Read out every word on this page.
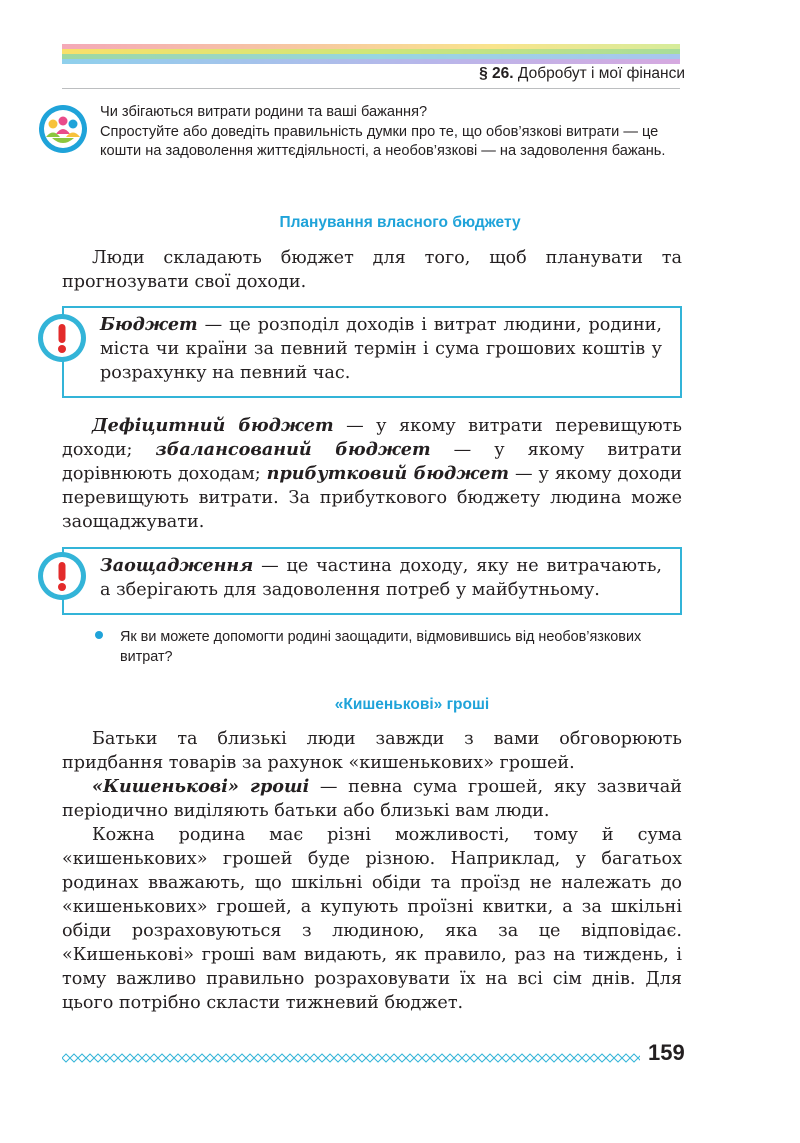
§ 26. Добробут і мої фінанси

Чи збігаються витрати родини та ваші бажання?

Спростуйте або доведіть правильність думки про те, що обов’язкові витрати — це кошти на задоволення життєдіяльності, а необов’язкові — на задоволення бажань.

Планування власного бюджету

Люди складають бюджет для того, щоб планувати та прогнозувати свої доходи.

Бюджет — це розподіл доходів і витрат людини, родини, міста чи країни за певний термін і сума грошових коштів у розрахунку на певний час.

Дефіцитний бюджет — у якому витрати перевищують доходи; збалансований бюджет — у якому витрати дорівнюють доходам; прибутковий бюджет — у якому доходи перевищують витрати. За прибуткового бюджету людина може заощаджувати.

Заощадження — це частина доходу, яку не витрачають, а зберігають для задоволення потреб у майбутньому.

Як ви можете допомогти родині заощадити, відмовившись від необов’язкових витрат?
«Кишенькові» гроші

Батьки та близькі люди завжди з вами обговорюють придбання товарів за рахунок «кишенькових» грошей.

«Кишенькові» гроші — певна сума грошей, яку зазвичай періодично виділяють батьки або близькі вам люди.

Кожна родина має різні можливості, тому й сума «кишенькових» грошей буде різною. Наприклад, у багатьох родинах вважають, що шкільні обіди та проїзд не належать до «кишенькових» грошей, а купують проїзні квитки, а за шкільні обіди розраховуються з людиною, яка за це відповідає. «Кишенькові» гроші вам видають, як правило, раз на тиждень, і тому важливо правильно розраховувати їх на всі сім днів. Для цього потрібно скласти тижневий бюджет.

159
